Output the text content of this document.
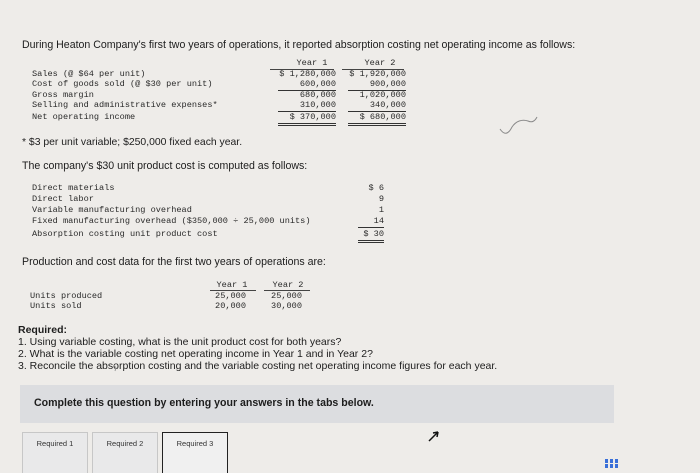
During Heaton Company's first two years of operations, it reported absorption costing net operating income as follows:
Year 1	Year 2
Sales (@ $64 per unit)	$ 1,280,000	$ 1,920,000
Cost of goods sold (@ $30 per unit)	600,000	900,000
Gross margin	680,000	1,020,000
Selling and administrative expenses*	310,000	340,000
Net operating income	$ 370,000	$ 680,000
* $3 per unit variable; $250,000 fixed each year.
The company's $30 unit product cost is computed as follows:
Direct materials	$ 6
Direct labor	9
Variable manufacturing overhead	1
Fixed manufacturing overhead ($350,000 ÷ 25,000 units)	14
Absorption costing unit product cost	$ 30
Production and cost data for the first two years of operations are:
Year 1	Year 2
Units produced	25,000	25,000
Units sold	20,000	30,000
Required:
1. Using variable costing, what is the unit product cost for both years?
2. What is the variable costing net operating income in Year 1 and in Year 2?
3. Reconcile the absorption costing and the variable costing net operating income figures for each year.
Complete this question by entering your answers in the tabs below.
Required 1	Required 2	Required 3
